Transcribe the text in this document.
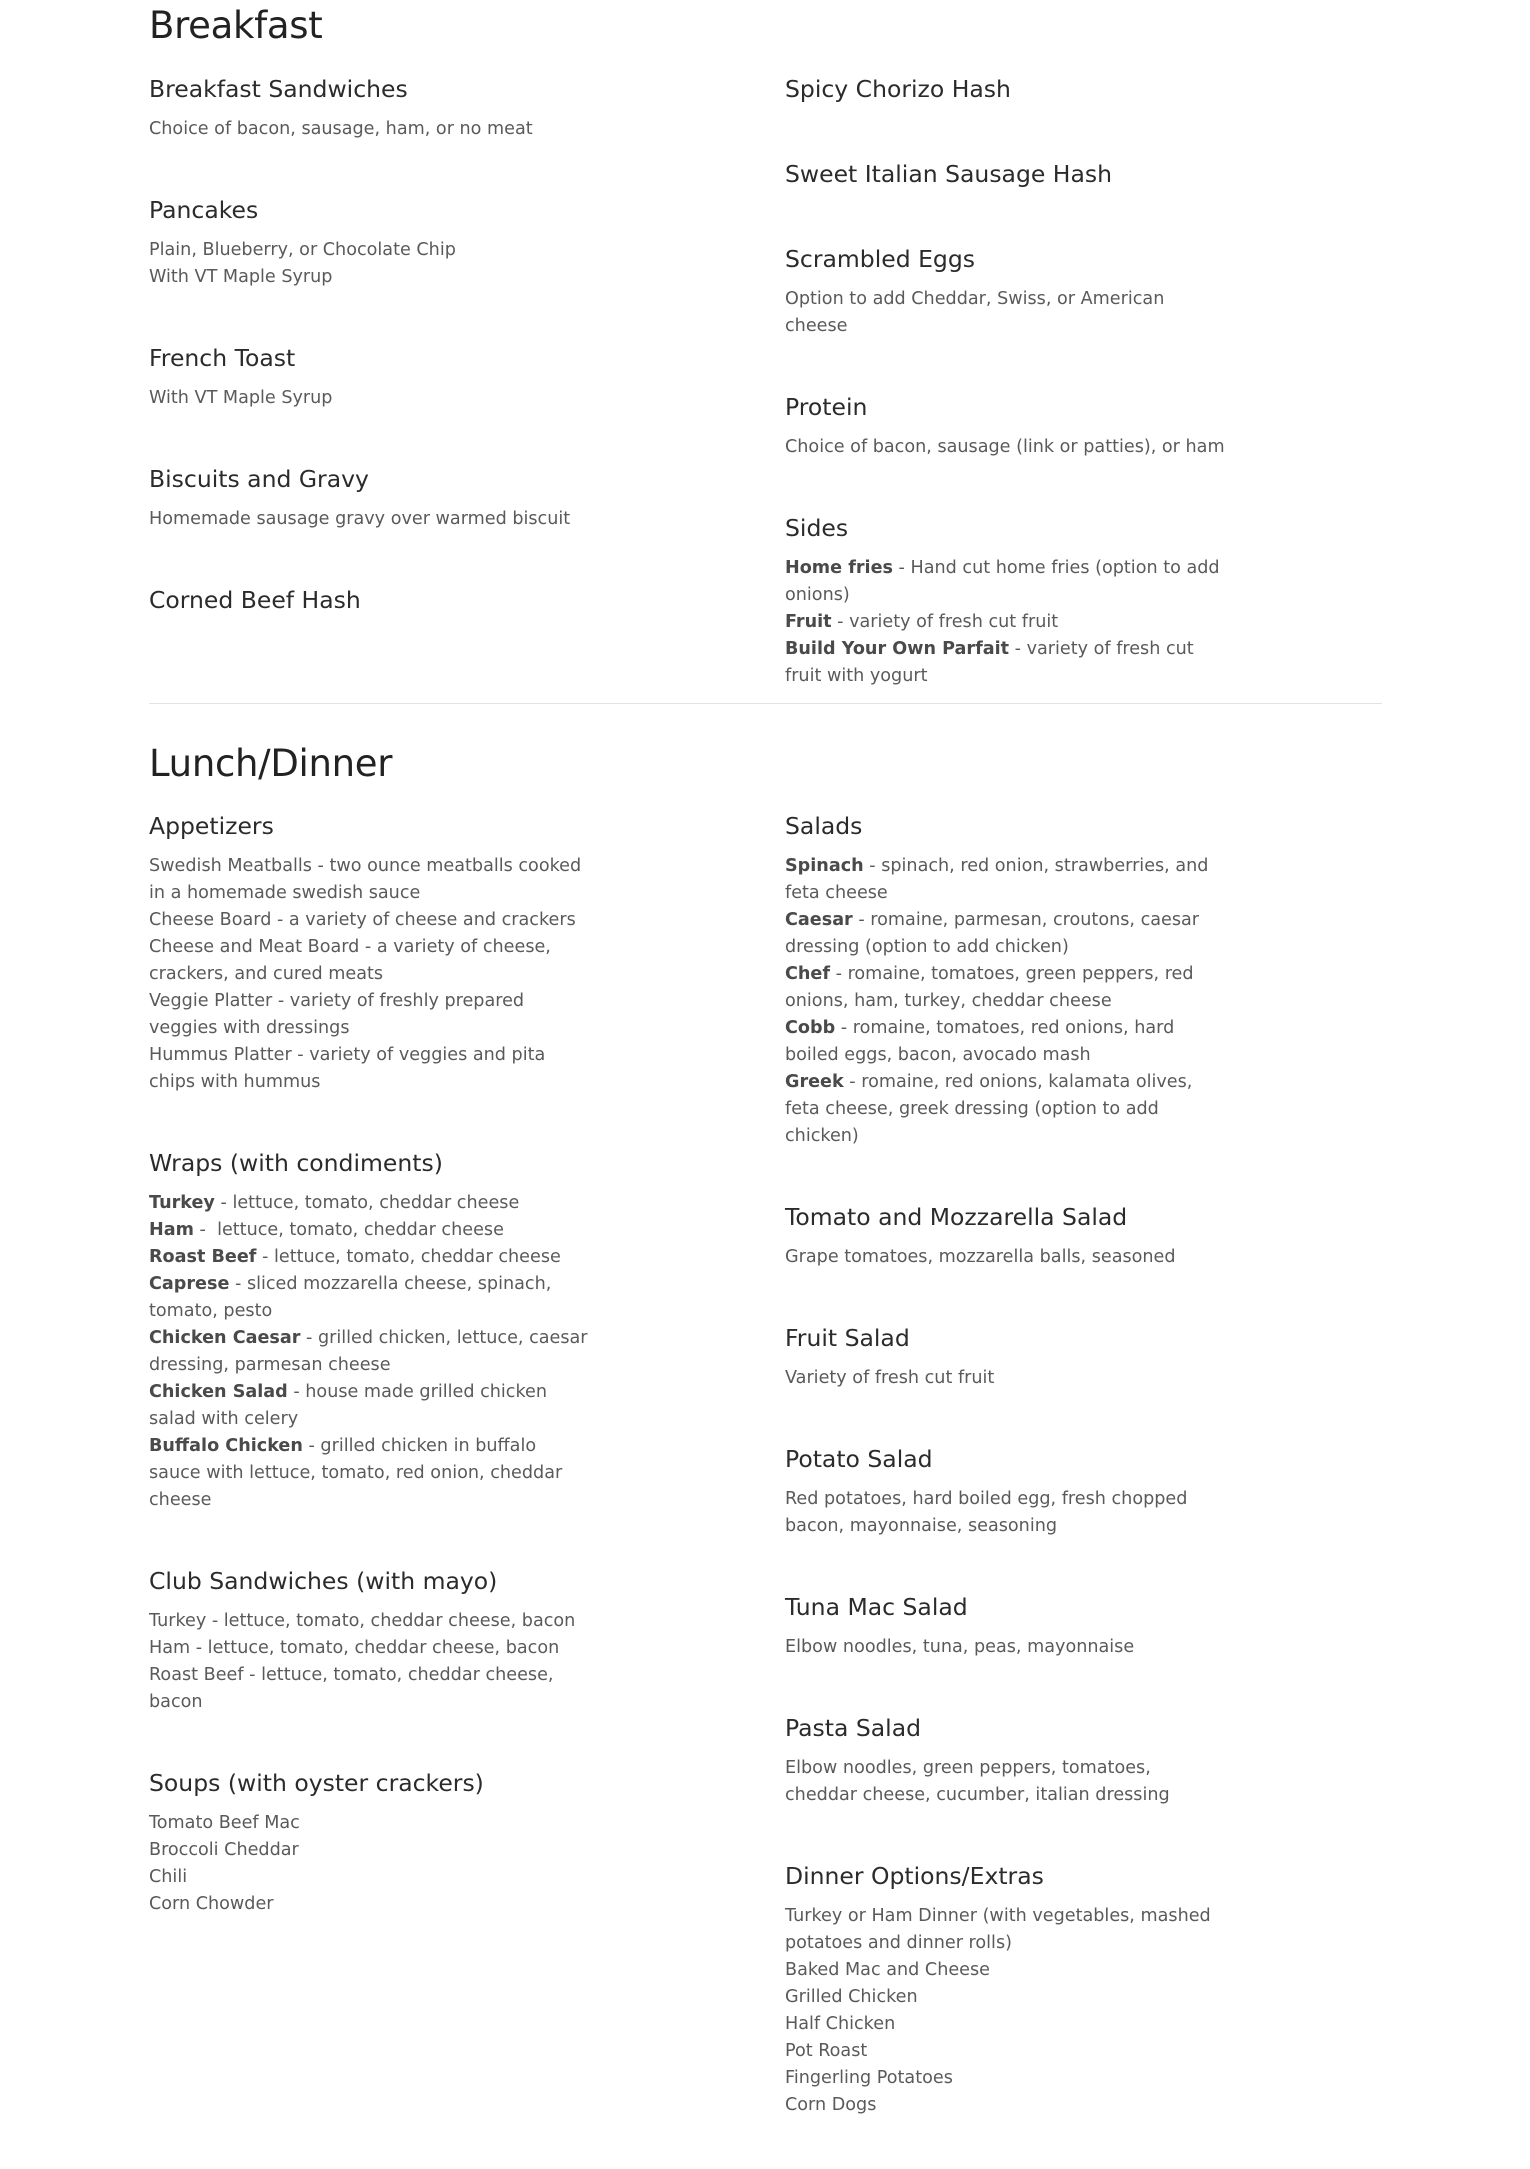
Breakfast
Breakfast Sandwiches
Choice of bacon, sausage, ham, or no meat
Pancakes
Plain, Blueberry, or Chocolate Chip
With VT Maple Syrup
French Toast
With VT Maple Syrup
Biscuits and Gravy
Homemade sausage gravy over warmed biscuit
Corned Beef Hash
Spicy Chorizo Hash
Sweet Italian Sausage Hash
Scrambled Eggs
Option to add Cheddar, Swiss, or American cheese
Protein
Choice of bacon, sausage (link or patties), or ham
Sides
Home fries - Hand cut home fries (option to add onions)
Fruit - variety of fresh cut fruit
Build Your Own Parfait - variety of fresh cut fruit with yogurt
Lunch/Dinner
Appetizers
Swedish Meatballs - two ounce meatballs cooked in a homemade swedish sauce
Cheese Board - a variety of cheese and crackers
Cheese and Meat Board - a variety of cheese, crackers, and cured meats
Veggie Platter - variety of freshly prepared veggies with dressings
Hummus Platter - variety of veggies and pita chips with hummus
Wraps (with condiments)
Turkey - lettuce, tomato, cheddar cheese
Ham -  lettuce, tomato, cheddar cheese
Roast Beef - lettuce, tomato, cheddar cheese
Caprese - sliced mozzarella cheese, spinach, tomato, pesto
Chicken Caesar - grilled chicken, lettuce, caesar dressing, parmesan cheese
Chicken Salad - house made grilled chicken salad with celery
Buffalo Chicken - grilled chicken in buffalo sauce with lettuce, tomato, red onion, cheddar cheese
Club Sandwiches (with mayo)
Turkey - lettuce, tomato, cheddar cheese, bacon
Ham - lettuce, tomato, cheddar cheese, bacon
Roast Beef - lettuce, tomato, cheddar cheese, bacon
Soups (with oyster crackers)
Tomato Beef Mac
Broccoli Cheddar
Chili
Corn Chowder
Salads
Spinach - spinach, red onion, strawberries, and feta cheese
Caesar - romaine, parmesan, croutons, caesar dressing (option to add chicken)
Chef - romaine, tomatoes, green peppers, red onions, ham, turkey, cheddar cheese
Cobb - romaine, tomatoes, red onions, hard boiled eggs, bacon, avocado mash
Greek - romaine, red onions, kalamata olives, feta cheese, greek dressing (option to add chicken)
Tomato and Mozzarella Salad
Grape tomatoes, mozzarella balls, seasoned
Fruit Salad
Variety of fresh cut fruit
Potato Salad
Red potatoes, hard boiled egg, fresh chopped bacon, mayonnaise, seasoning
Tuna Mac Salad
Elbow noodles, tuna, peas, mayonnaise
Pasta Salad
Elbow noodles, green peppers, tomatoes, cheddar cheese, cucumber, italian dressing
Dinner Options/Extras
Turkey or Ham Dinner (with vegetables, mashed potatoes and dinner rolls)
Baked Mac and Cheese
Grilled Chicken
Half Chicken
Pot Roast
Fingerling Potatoes
Corn Dogs
